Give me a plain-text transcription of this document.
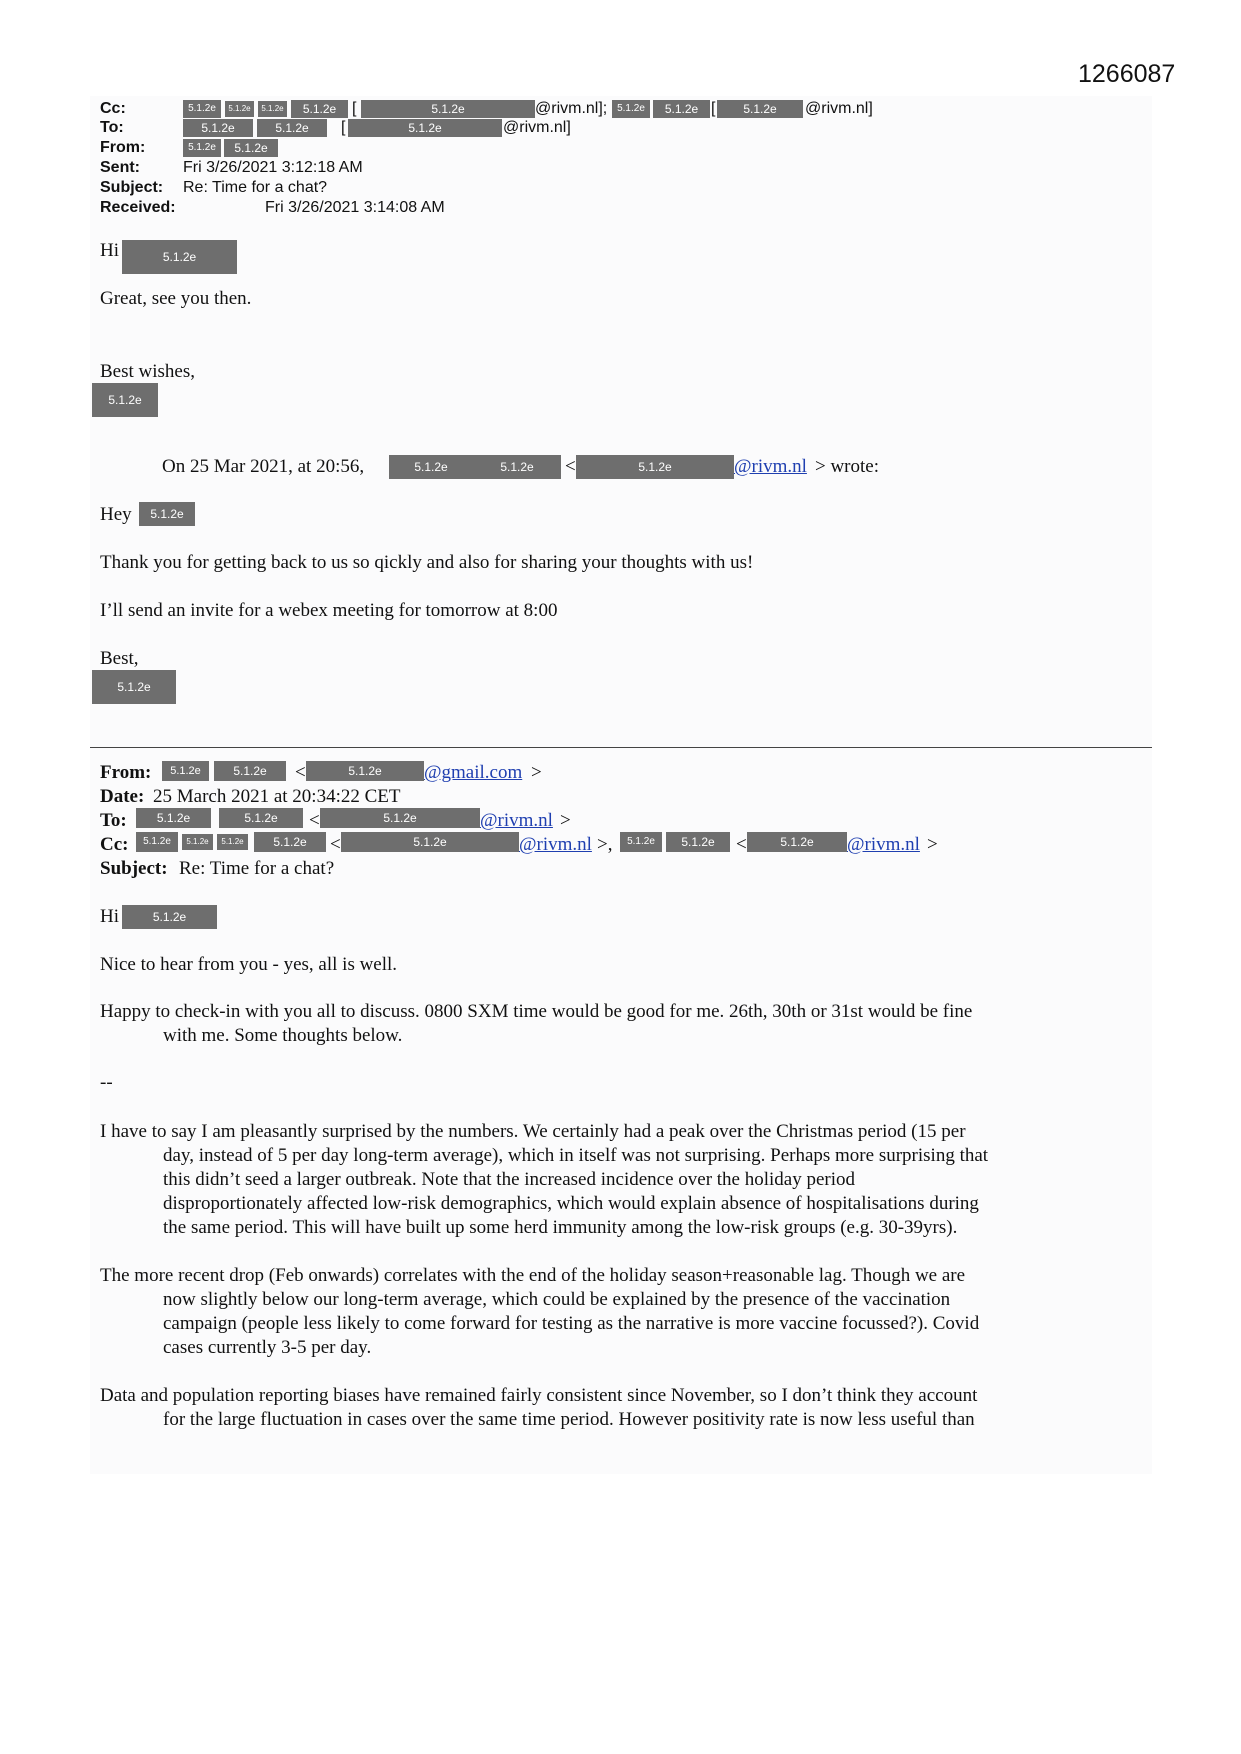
1266087
Cc:	5.1.2e	5.1.2e	5.1.2e	5.1.2e [	5.1.2e	@rivm.nl]; 5.1.2e	5.1.2e [	5.1.2e	@rivm.nl]
To:	5.1.2e	5.1.2e	[	5.1.2e	@rivm.nl]
From:	5.1.2e	5.1.2e
Sent:	Fri 3/26/2021 3:12:18 AM
Subject: Re: Time for a chat?
Received:	Fri 3/26/2021 3:14:08 AM
Hi	5.1.2e
Great, see you then.
Best wishes,
5.1.2e
On 25 Mar 2021, at 20:56,	5.1.2e	5.1.2e	<	5.1.2e	@rivm.nl > wrote:
Hey	5.1.2e
Thank you for getting back to us so qickly and also for sharing your thoughts with us!
I’ll send an invite for a webex meeting for tomorrow at 8:00
Best,
5.1.2e
From:	5.1.2e	5.1.2e	<	5.1.2e	@gmail.com >
Date: 25 March 2021 at 20:34:22 CET
To:	5.1.2e	5.1.2e	<	5.1.2e	@rivm.nl >
Cc:	5.1.2e	5.1.2e	5.1.2e	5.1.2e	<	5.1.2e	@rivm.nl >,	5.1.2e	5.1.2e	<	5.1.2e	@rivm.nl >
Subject: Re: Time for a chat?
Hi	5.1.2e
Nice to hear from you - yes, all is well.
Happy to check-in with you all to discuss. 0800 SXM time would be good for me. 26th, 30th or 31st would be fine
with me. Some thoughts below.
--
I have to say I am pleasantly surprised by the numbers. We certainly had a peak over the Christmas period (15 per
day, instead of 5 per day long-term average), which in itself was not surprising. Perhaps more surprising that
this didn’t seed a larger outbreak. Note that the increased incidence over the holiday period
disproportionately affected low-risk demographics, which would explain absence of hospitalisations during
the same period. This will have built up some herd immunity among the low-risk groups (e.g. 30-39yrs).
The more recent drop (Feb onwards) correlates with the end of the holiday season+reasonable lag. Though we are
now slightly below our long-term average, which could be explained by the presence of the vaccination
campaign (people less likely to come forward for testing as the narrative is more vaccine focussed?). Covid
cases currently 3-5 per day.
Data and population reporting biases have remained fairly consistent since November, so I don’t think they account
for the large fluctuation in cases over the same time period. However positivity rate is now less useful than
